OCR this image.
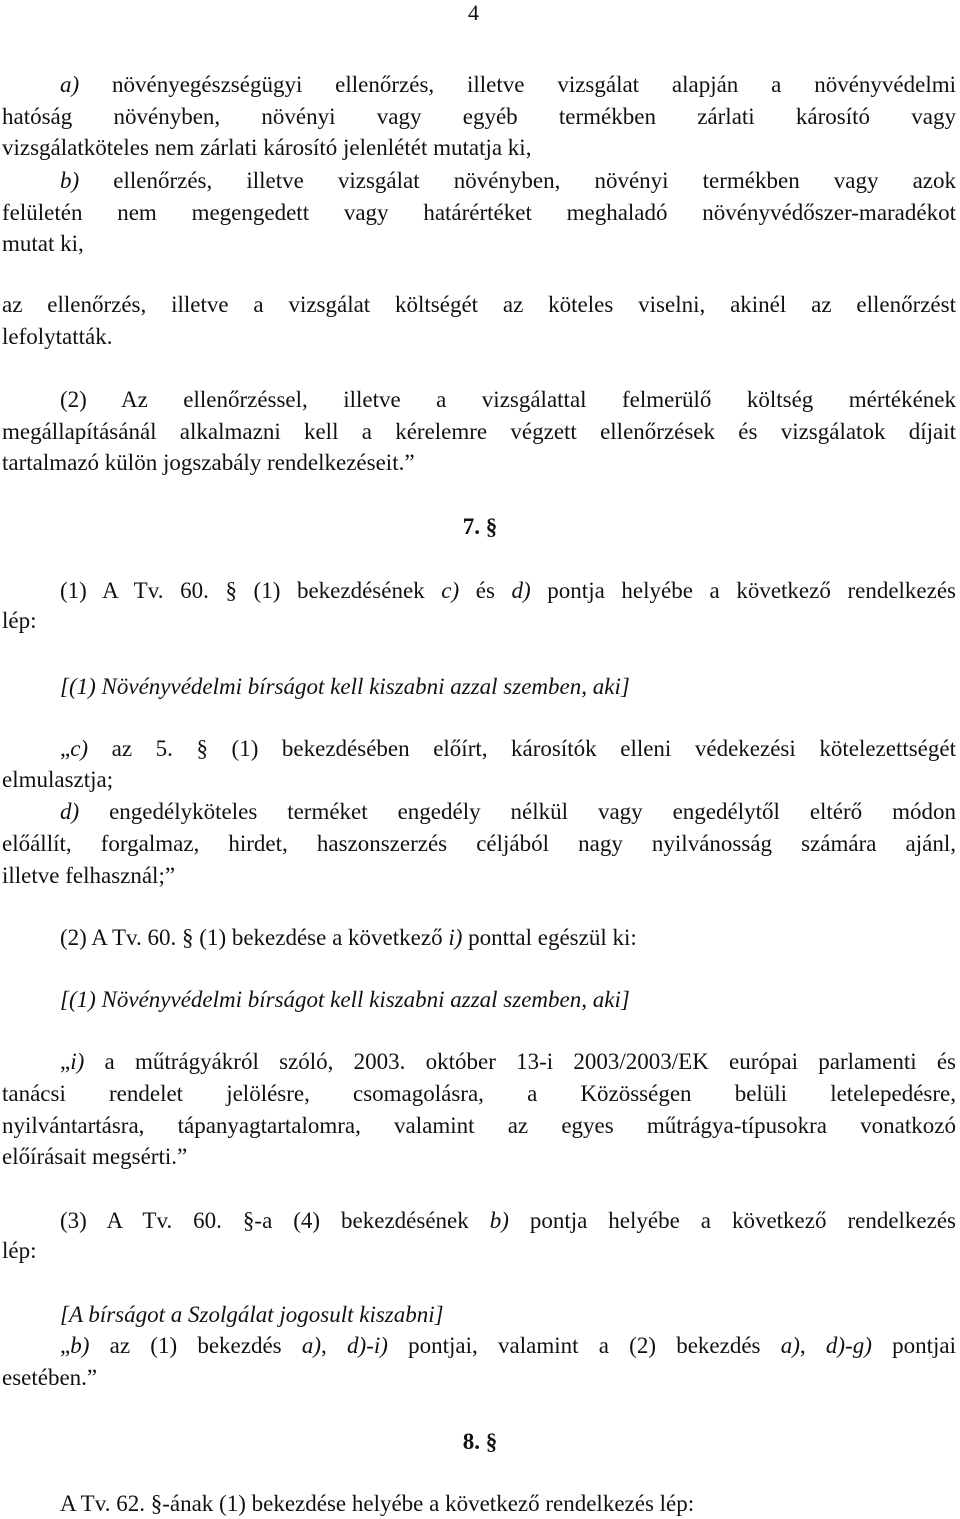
4

a) növényegészségügyi ellenőrzés, illetve vizsgálat alapján a növényvédelmi

hatóság növényben, növényi vagy egyéb termékben zárlati károsító vagy

vizsgálatköteles nem zárlati károsító jelenlétét mutatja ki,

b) ellenőrzés, illetve vizsgálat növényben, növényi termékben vagy azok

felületén nem megengedett vagy határértéket meghaladó növényvédőszer-maradékot

mutat ki,

az ellenőrzés, illetve a vizsgálat költségét az köteles viselni, akinél az ellenőrzést

lefolytatták.

(2) Az ellenőrzéssel, illetve a vizsgálattal felmerülő költség mértékének

megállapításánál alkalmazni kell a kérelemre végzett ellenőrzések és vizsgálatok díjait

tartalmazó külön jogszabály rendelkezéseit.”

7. §

(1) A Tv. 60. § (1) bekezdésének c) és d) pontja helyébe a következő rendelkezés

lép:

[(1) Növényvédelmi bírságot kell kiszabni azzal szemben, aki]

„c) az 5. § (1) bekezdésében előírt, károsítók elleni védekezési kötelezettségét

elmulasztja;

d) engedélyköteles terméket engedély nélkül vagy engedélytől eltérő módon

előállít, forgalmaz, hirdet, haszonszerzés céljából nagy nyilvánosság számára ajánl,

illetve felhasznál;”

(2) A Tv. 60. § (1) bekezdése a következő i) ponttal egészül ki:

[(1) Növényvédelmi bírságot kell kiszabni azzal szemben, aki]

„i) a műtrágyákról szóló, 2003. október 13-i 2003/2003/EK európai parlamenti és

tanácsi rendelet jelölésre, csomagolásra, a Közösségen belüli letelepedésre,

nyilvántartásra, tápanyagtartalomra, valamint az egyes műtrágya-típusokra vonatkozó

előírásait megsérti.”

(3) A Tv. 60. §-a (4) bekezdésének b) pontja helyébe a következő rendelkezés

lép:

[A bírságot a Szolgálat jogosult kiszabni]

„b) az (1) bekezdés a), d)-i) pontjai, valamint a (2) bekezdés a), d)-g) pontjai

esetében.”

8. §

A Tv. 62. §-ának (1) bekezdése helyébe a következő rendelkezés lép:
